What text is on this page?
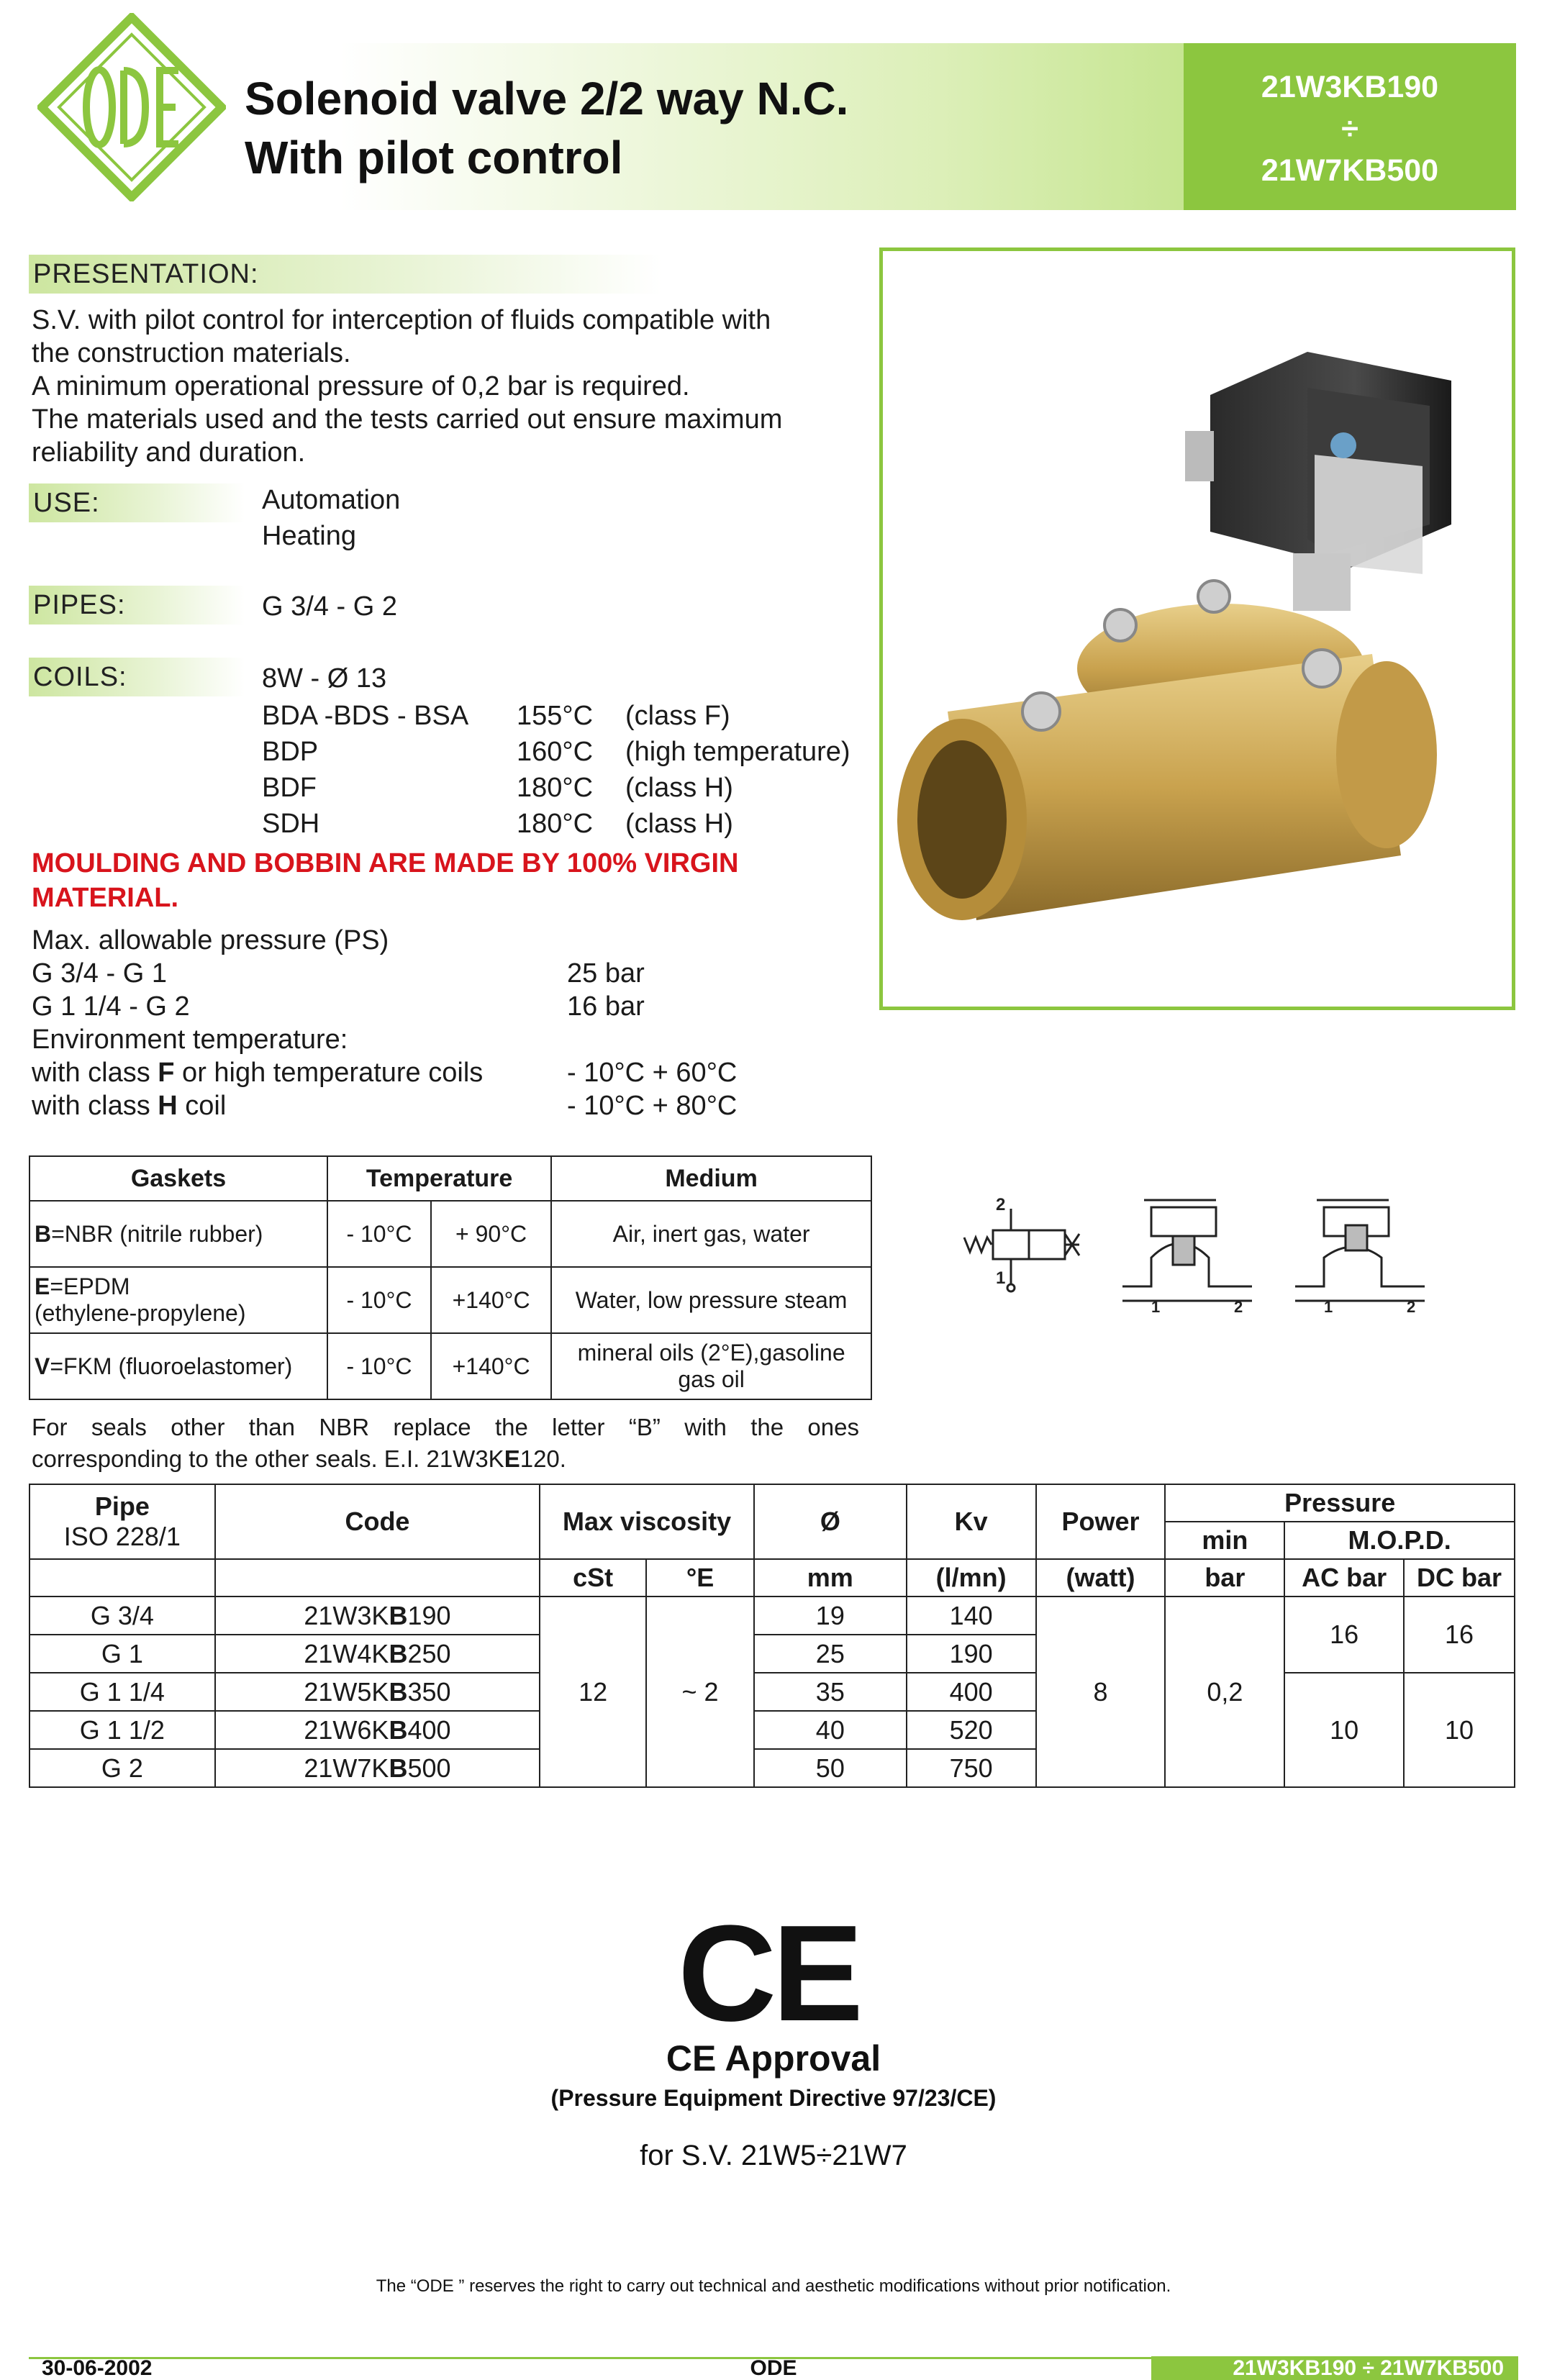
Solenoid valve 2/2 way N.C.
With pilot control
21W3KB190
÷
21W7KB500
PRESENTATION:
S.V. with pilot control for interception of fluids compatible with
the construction materials.
A minimum operational pressure of 0,2 bar is required.
The materials used and the tests carried out ensure maximum
reliability and duration.
USE:	Automation
Heating
PIPES:	G 3/4 - G 2
COILS:	8W - Ø 13
BDA -BDS - BSA 155°C (class F)
BDP	160°C (high temperature)
BDF	180°C (class H)
SDH	180°C (class H)
MOULDING AND BOBBIN ARE MADE BY 100% VIRGIN
MATERIAL.
Max. allowable pressure (PS)
G 3/4 - G 1	25 bar
G 1 1/4 - G 2	16 bar
Environment temperature:
with class F or high temperature coils	- 10°C + 60°C
with class H coil	- 10°C + 80°C
Gaskets	Temperature		Medium
B=NBR (nitrile rubber)	- 10°C	+ 90°C	Air, inert gas, water
E=EPDM
(ethylene-propylene)	- 10°C	+140°C	Water, low pressure steam
V=FKM (fluoroelastomer)	- 10°C	+140°C	mineral oils (2°E),gasoline
gas oil
For seals other than NBR replace the letter “B” with the ones
corresponding to the other seals. E.I. 21W3KE120.
2
1
1	2	1	2
Pipe
ISO 228/1	Code	Max viscosity		Ø	Kv	Power	Pressure		
							min	M.O.P.D.	
		cSt	°E	mm	(l/mn)	(watt)	bar	AC bar	DC bar
G 3/4	21W3KB190	12	~ 2	19	140	8	0,2	16	16
G 1	21W4KB250			25	190				
G 1 1/4	21W5KB350			35	400			10	10
G 1 1/2	21W6KB400			40	520				
G 2	21W7KB500			50	750				
CE
CE Approval
(Pressure Equipment Directive 97/23/CE)
for S.V. 21W5÷21W7
The “ODE ” reserves the right to carry out technical and aesthetic modifications without prior notification.
30-06-2002	ODE	21W3KB190 ÷ 21W7KB500
